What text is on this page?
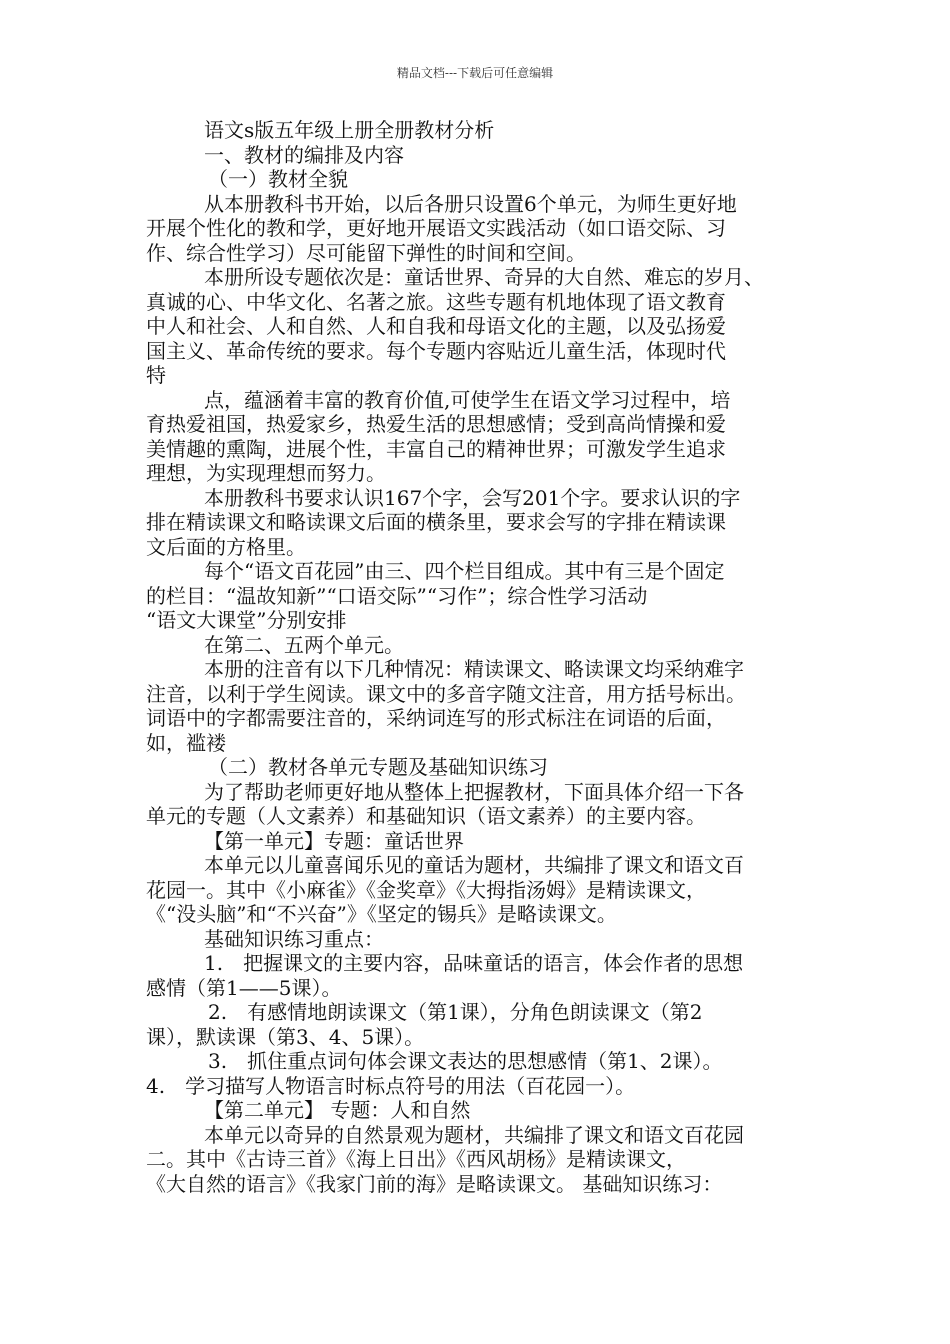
精品文档---下载后可任意编辑
语文s版五年级上册全册教材分析
一、教材的编排及内容
（一）教材全貌
从本册教科书开始，以后各册只设置6个单元，为师生更好地
开展个性化的教和学，更好地开展语文实践活动（如口语交际、习
作、综合性学习）尽可能留下弹性的时间和空间。
本册所设专题依次是：童话世界、奇异的大自然、难忘的岁月、
真诚的心、中华文化、名著之旅。这些专题有机地体现了语文教育
中人和社会、人和自然、人和自我和母语文化的主题，以及弘扬爱
国主义、革命传统的要求。每个专题内容贴近儿童生活，体现时代
特
点，蕴涵着丰富的教育价值,可使学生在语文学习过程中，培
育热爱祖国，热爱家乡，热爱生活的思想感情；受到高尚情操和爱
美情趣的熏陶，进展个性，丰富自己的精神世界；可激发学生追求
理想，为实现理想而努力。
本册教科书要求认识167个字，会写201个字。要求认识的字
排在精读课文和略读课文后面的横条里，要求会写的字排在精读课
文后面的方格里。
每个“语文百花园”由三、四个栏目组成。其中有三是个固定
的栏目：“温故知新”“口语交际”“习作”；综合性学习活动
“语文大课堂”分别安排
在第二、五两个单元。
本册的注音有以下几种情况：精读课文、略读课文均采纳难字
注音，以利于学生阅读。课文中的多音字随文注音，用方括号标出。
词语中的字都需要注音的，采纳词连写的形式标注在词语的后面，
如，褴褛
（二）教材各单元专题及基础知识练习
为了帮助老师更好地从整体上把握教材，下面具体介绍一下各
单元的专题（人文素养）和基础知识（语文素养）的主要内容。
【第一单元】专题：童话世界
本单元以儿童喜闻乐见的童话为题材，共编排了课文和语文百
花园一。其中《小麻雀》《金奖章》《大拇指汤姆》是精读课文，
《“没头脑”和“不兴奋”》《坚定的锡兵》是略读课文。
基础知识练习重点：
1.　把握课文的主要内容，品味童话的语言，体会作者的思想
感情（第1——5课）。
2.　有感情地朗读课文（第1课），分角色朗读课文（第2
课），默读课（第3、4、5课）。
3.　抓住重点词句体会课文表达的思想感情（第1、2课）。
4.　学习描写人物语言时标点符号的用法（百花园一）。
【第二单元】 专题：人和自然
本单元以奇异的自然景观为题材，共编排了课文和语文百花园
二。其中《古诗三首》《海上日出》《西风胡杨》是精读课文，
《大自然的语言》《我家门前的海》是略读课文。 基础知识练习：
